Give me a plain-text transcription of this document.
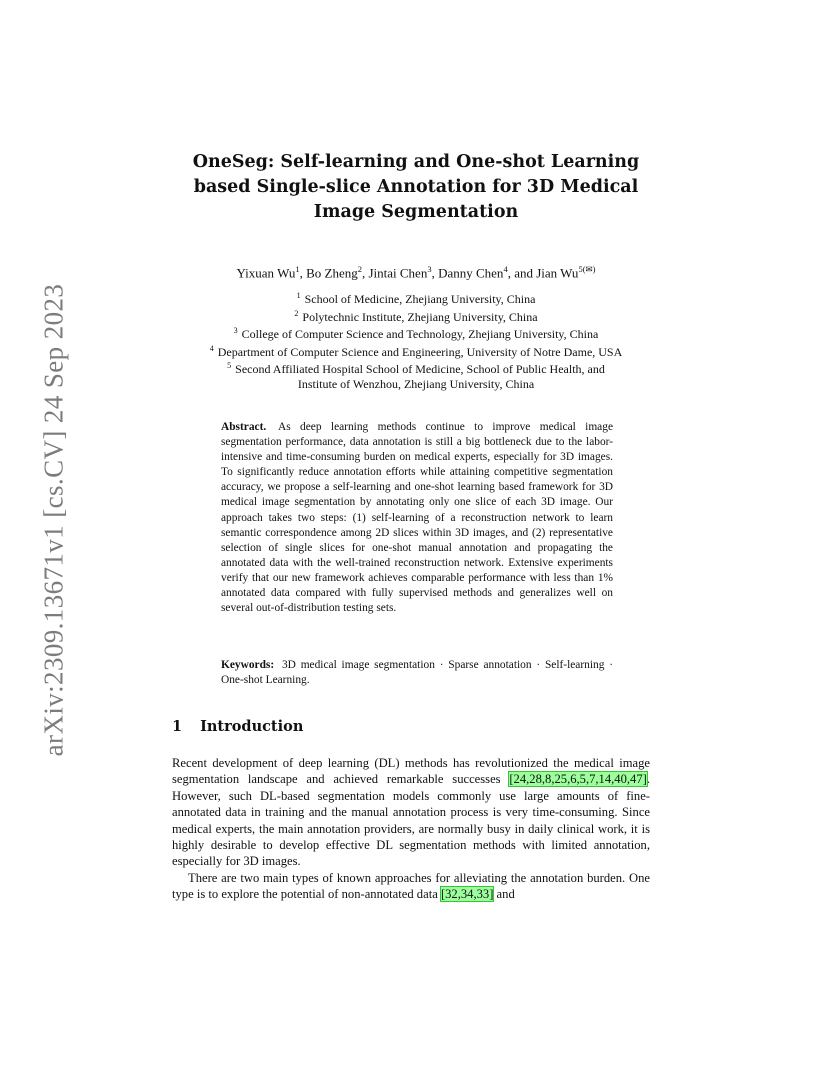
arXiv:2309.13671v1 [cs.CV] 24 Sep 2023
OneSeg: Self-learning and One-shot Learning
based Single-slice Annotation for 3D Medical
Image Segmentation
Yixuan Wu$^1$, Bo Zheng$^2$, Jintai Chen$^3$, Danny Chen$^4$, and Jian $Wu^{5(✉)}$
$^1$ School of Medicine, Zhejiang University, China
$^2$ Polytechnic Institute, Zhejiang University, China
$^3$ College of Computer Science and Technology, Zhejiang University, China
$^4$ Department of Computer Science and Engineering, University of Notre Dame, USA
$^5$ Second Affiliated Hospital School of Medicine, School of Public Health, and
Institute of Wenzhou, Zhejiang University, China
Abstract. As deep learning methods continue to improve medical image segmentation performance, data annotation is still a big bottleneck due to the labor-intensive and time-consuming burden on medical experts, especially for 3D images. To significantly reduce annotation efforts while attaining competitive segmentation accuracy, we propose a self-learning and one-shot learning based framework for 3D medical image segmentation by annotating only one slice of each 3D image. Our approach takes two steps: (1) self-learning of a reconstruction network to learn semantic correspondence among 2D slices within 3D images, and (2) representative selection of single slices for one-shot manual annotation and propagating the annotated data with the well-trained reconstruction network. Extensive experiments verify that our new framework achieves comparable performance with less than 1% annotated data compared with fully supervised methods and generalizes well on several out-of-distribution testing sets.
Keywords: 3D medical image segmentation · Sparse annotation · Self-learning · One-shot Learning.
1 Introduction

Recent development of deep learning (DL) methods has revolutionized the medical image segmentation landscape and achieved remarkable successes [24,28,8,25,6,5,7,14,40,47]. However, such DL-based segmentation models commonly use large amounts of fine-annotated data in training and the manual annotation process is very time-consuming. Since medical experts, the main annotation providers, are normally busy in daily clinical work, it is highly desirable to develop effective DL segmentation methods with limited annotation, especially for 3D images.

There are two main types of known approaches for alleviating the annotation burden. One type is to explore the potential of non-annotated data [32,34,33] and
